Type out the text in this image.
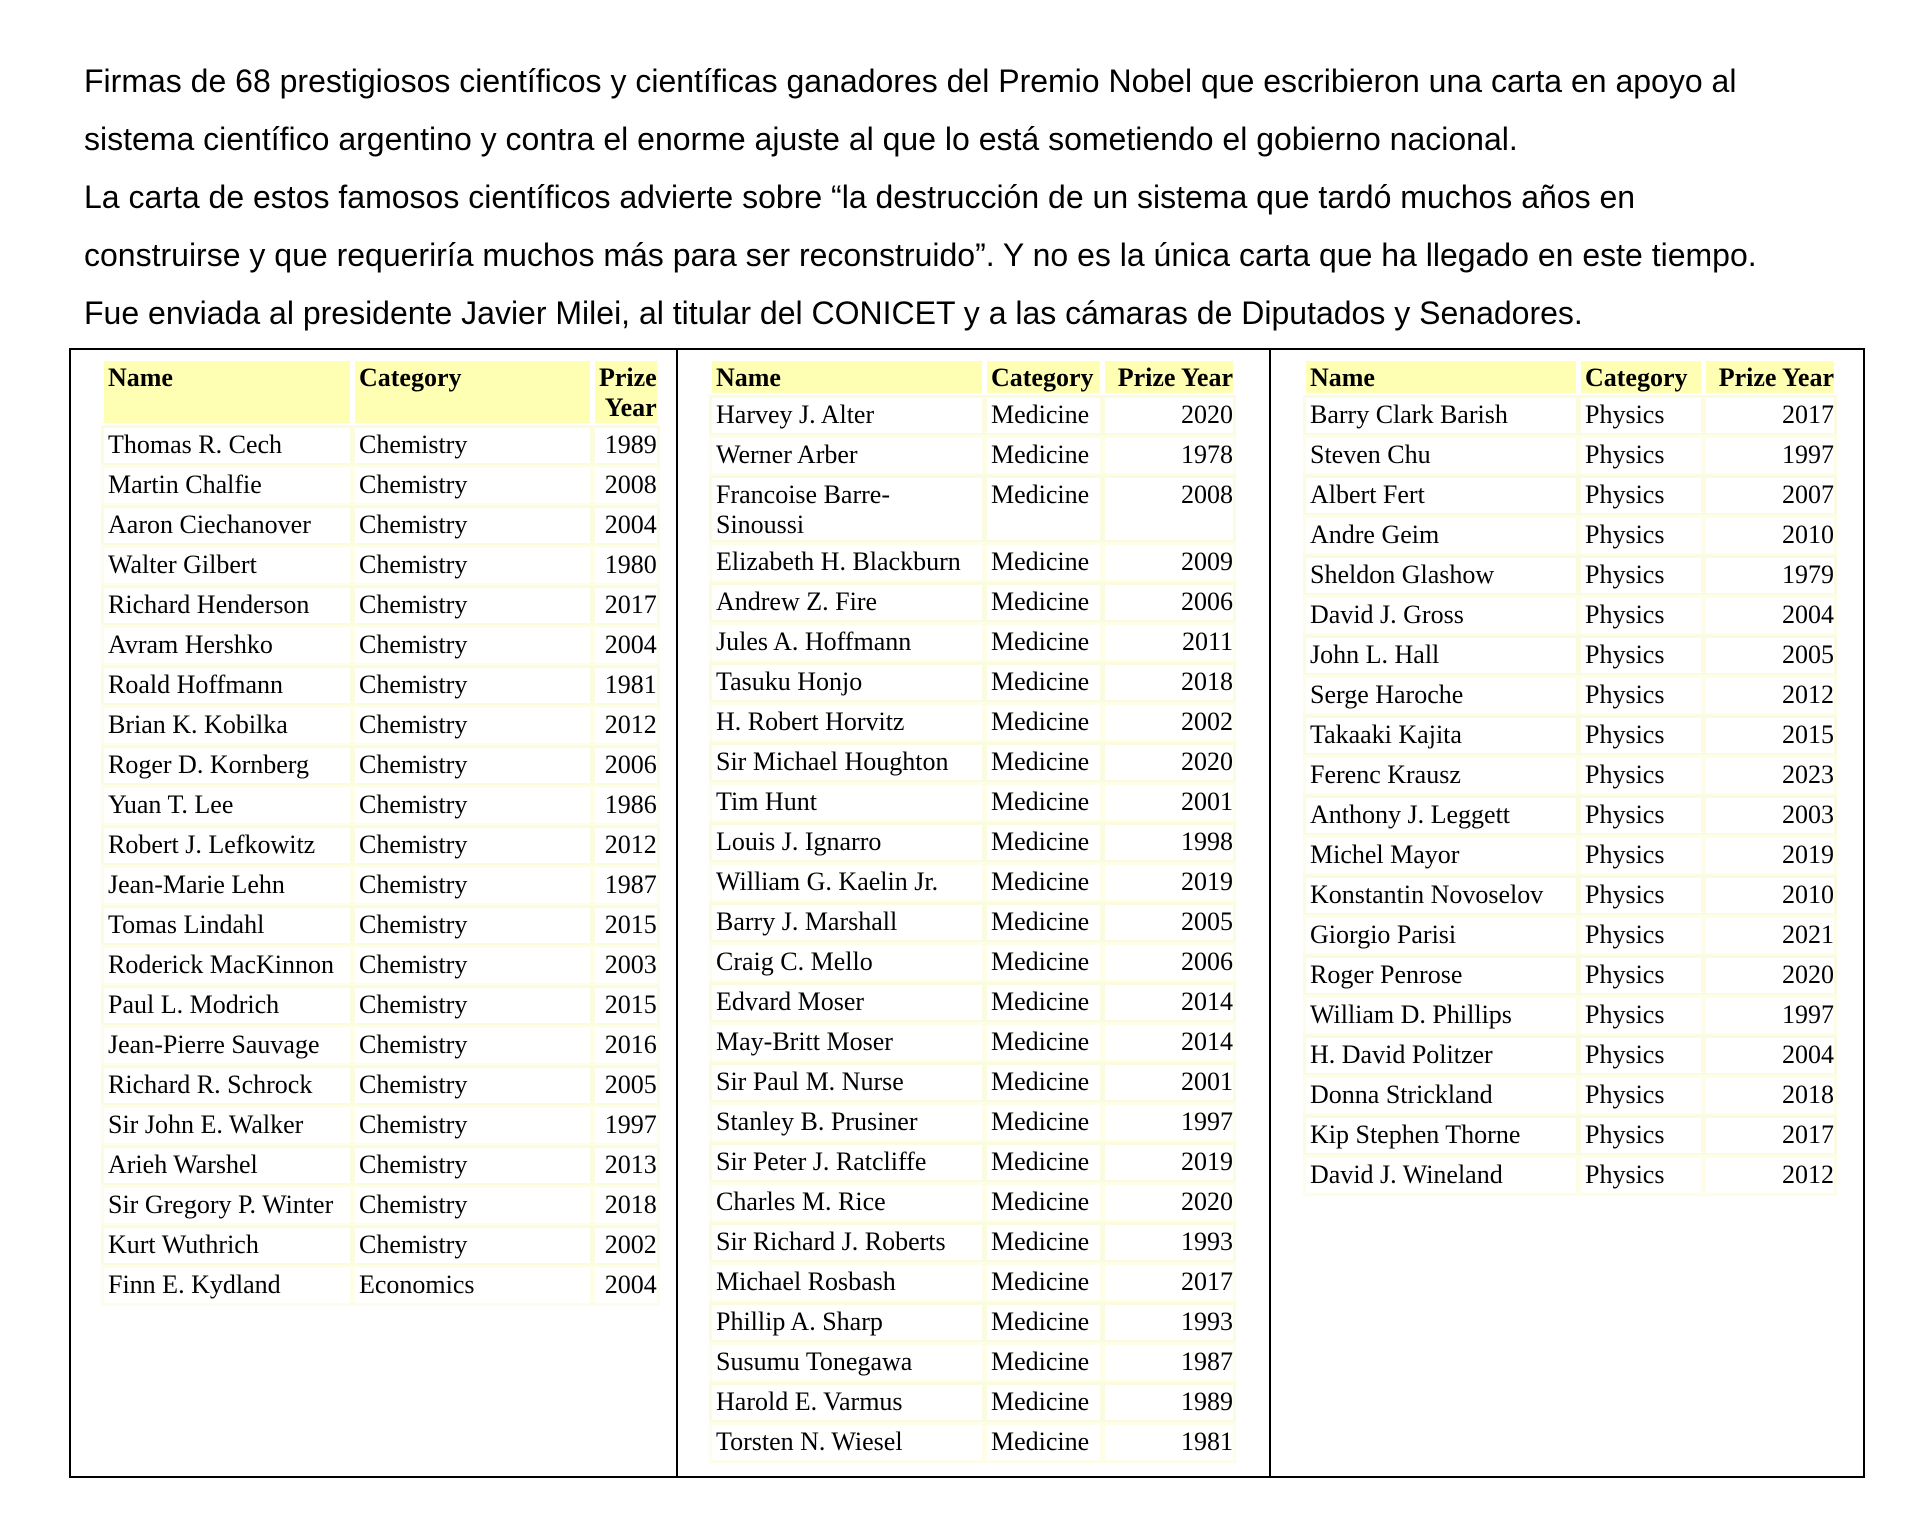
Firmas de 68 prestigiosos científicos y científicas ganadores del Premio Nobel que escribieron una carta en apoyo al

sistema científico argentino y contra el enorme ajuste al que lo está sometiendo el gobierno nacional.

La carta de estos famosos científicos advierte sobre “la destrucción de un sistema que tardó muchos años en

construirse y que requeriría muchos más para ser reconstruido”. Y no es la única carta que ha llegado en este tiempo.

Fue enviada al presidente Javier Milei, al titular del CONICET y a las cámaras de Diputados y Senadores.

Name	Category	Prize Year
Thomas R. Cech	Chemistry	1989
Martin Chalfie	Chemistry	2008
Aaron Ciechanover	Chemistry	2004
Walter Gilbert	Chemistry	1980
Richard Henderson	Chemistry	2017
Avram Hershko	Chemistry	2004
Roald Hoffmann	Chemistry	1981
Brian K. Kobilka	Chemistry	2012
Roger D. Kornberg	Chemistry	2006
Yuan T. Lee	Chemistry	1986
Robert J. Lefkowitz	Chemistry	2012
Jean-Marie Lehn	Chemistry	1987
Tomas Lindahl	Chemistry	2015
Roderick MacKinnon	Chemistry	2003
Paul L. Modrich	Chemistry	2015
Jean-Pierre Sauvage	Chemistry	2016
Richard R. Schrock	Chemistry	2005
Sir John E. Walker	Chemistry	1997
Arieh Warshel	Chemistry	2013
Sir Gregory P. Winter	Chemistry	2018
Kurt Wuthrich	Chemistry	2002
Finn E. Kydland	Economics	2004
Name	Category	Prize Year
Harvey J. Alter	Medicine	2020
Werner Arber	Medicine	1978
Francoise Barre-Sinoussi	Medicine	2008
Elizabeth H. Blackburn	Medicine	2009
Andrew Z. Fire	Medicine	2006
Jules A. Hoffmann	Medicine	2011
Tasuku Honjo	Medicine	2018
H. Robert Horvitz	Medicine	2002
Sir Michael Houghton	Medicine	2020
Tim Hunt	Medicine	2001
Louis J. Ignarro	Medicine	1998
William G. Kaelin Jr.	Medicine	2019
Barry J. Marshall	Medicine	2005
Craig C. Mello	Medicine	2006
Edvard Moser	Medicine	2014
May-Britt Moser	Medicine	2014
Sir Paul M. Nurse	Medicine	2001
Stanley B. Prusiner	Medicine	1997
Sir Peter J. Ratcliffe	Medicine	2019
Charles M. Rice	Medicine	2020
Sir Richard J. Roberts	Medicine	1993
Michael Rosbash	Medicine	2017
Phillip A. Sharp	Medicine	1993
Susumu Tonegawa	Medicine	1987
Harold E. Varmus	Medicine	1989
Torsten N. Wiesel	Medicine	1981
Name	Category	Prize Year
Barry Clark Barish	Physics	2017
Steven Chu	Physics	1997
Albert Fert	Physics	2007
Andre Geim	Physics	2010
Sheldon Glashow	Physics	1979
David J. Gross	Physics	2004
John L. Hall	Physics	2005
Serge Haroche	Physics	2012
Takaaki Kajita	Physics	2015
Ferenc Krausz	Physics	2023
Anthony J. Leggett	Physics	2003
Michel Mayor	Physics	2019
Konstantin Novoselov	Physics	2010
Giorgio Parisi	Physics	2021
Roger Penrose	Physics	2020
William D. Phillips	Physics	1997
H. David Politzer	Physics	2004
Donna Strickland	Physics	2018
Kip Stephen Thorne	Physics	2017
David J. Wineland	Physics	2012
